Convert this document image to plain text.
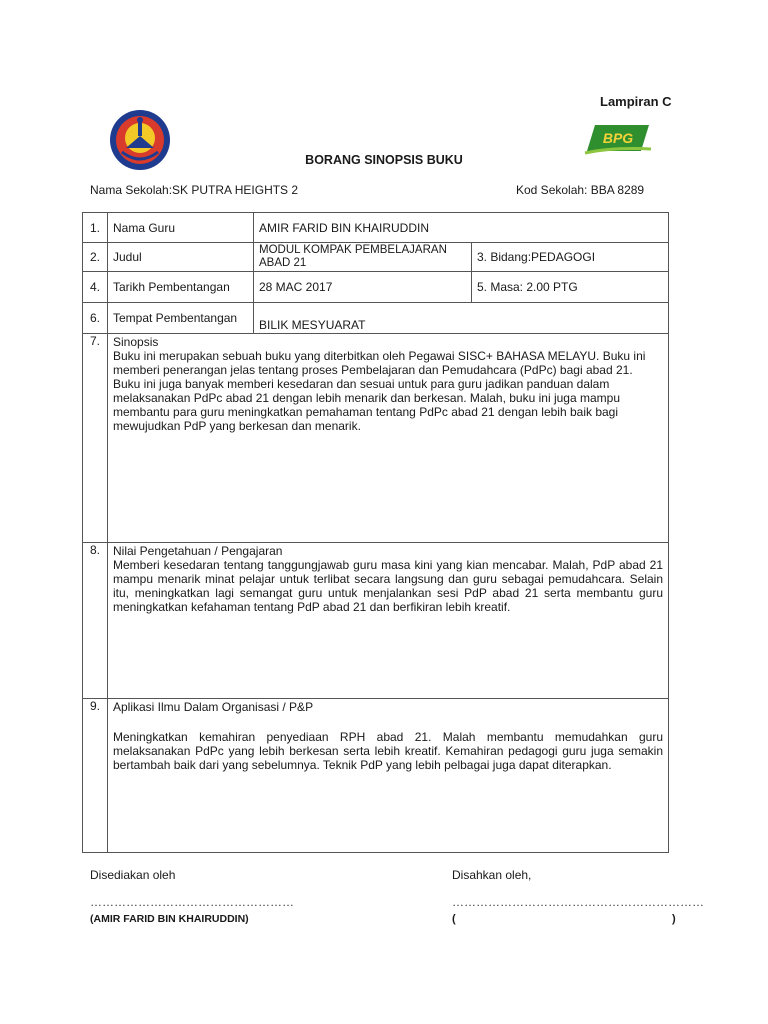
BPG
Lampiran C
BORANG SINOPSIS BUKU
Nama Sekolah:SK PUTRA HEIGHTS 2	Kod Sekolah: BBA 8289
1.	Nama Guru	AMIR FARID BIN KHAIRUDDIN	
2.	Judul	MODUL KOMPAK PEMBELAJARAN ABAD 21	3. Bidang:PEDAGOGI
4.	Tarikh Pembentangan	28 MAC 2017	5. Masa: 2.00 PTG
6.	Tempat Pembentangan	BILIK MESYUARAT	
7.	Sinopsis
Buku ini merupakan sebuah buku yang diterbitkan oleh Pegawai SISC+ BAHASA MELAYU. Buku ini memberi penerangan jelas tentang proses Pembelajaran dan Pemudahcara (PdPc) bagi abad 21. Buku ini juga banyak memberi kesedaran dan sesuai untuk para guru jadikan panduan dalam melaksanakan PdPc abad 21 dengan lebih menarik dan berkesan. Malah, buku ini juga mampu membantu para guru meningkatkan pemahaman tentang PdPc abad 21 dengan lebih baik bagi mewujudkan PdP yang berkesan dan menarik.		

8.	Nilai Pengetahuan / Pengajaran
Memberi kesedaran tentang tanggungjawab guru masa kini yang kian mencabar. Malah, PdP abad 21 mampu menarik minat pelajar untuk terlibat secara langsung dan guru sebagai pemudahcara. Selain itu, meningkatkan lagi semangat guru untuk menjalankan sesi PdP abad 21 serta membantu guru meningkatkan kefahaman tentang PdP abad 21 dan berfikiran lebih kreatif.		

9.	Aplikasi Ilmu Dalam Organisasi / P&P
Meningkatkan kemahiran penyediaan RPH abad 21. Malah membantu memudahkan guru melaksanakan PdPc yang lebih berkesan serta lebih kreatif. Kemahiran pedagogi guru juga semakin bertambah baik dari yang sebelumnya. Teknik PdP yang lebih pelbagai juga dapat diterapkan.		
Disediakan oleh	Disahkan oleh,
……………………………………………	………………………………………………………
(AMIR FARID BIN KHAIRUDDIN)	(	)
